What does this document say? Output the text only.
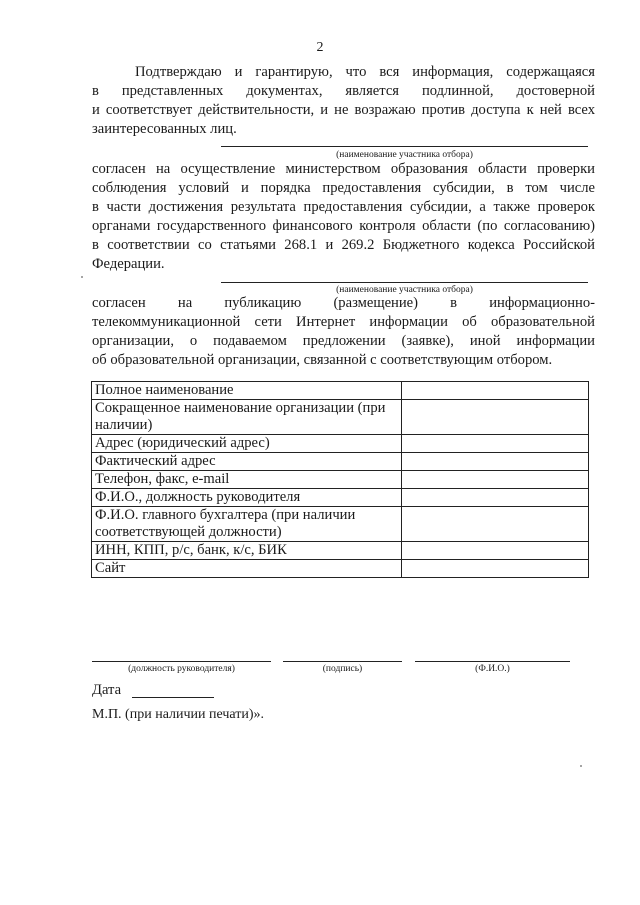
2

Подтверждаю и гарантирую, что вся информация, содержащаяся
в представленных документах, является подлинной, достоверной
и соответствует действительности, и не возражаю против доступа к ней всех
заинтересованных лиц.

(наименование участника отбора)

согласен на осуществление министерством образования области проверки
соблюдения условий и порядка предоставления субсидии, в том числе
в части достижения результата предоставления субсидии, а также проверок
органами государственного финансового контроля области (по согласованию)
в соответствии со статьями 268.1 и 269.2 Бюджетного кодекса Российской
Федерации.

(наименование участника отбора)

согласен на публикацию (размещение) в информационно-
телекоммуникационной сети Интернет информации об образовательной
организации, о подаваемом предложении (заявке), иной информации
об образовательной организации, связанной с соответствующим отбором.

Полное наименование	
Сокращенное наименование организации (при наличии)	
Адрес (юридический адрес)	
Фактический адрес	
Телефон, факс, e-mail	
Ф.И.О., должность руководителя	
Ф.И.О. главного бухгалтера (при наличии соответствующей должности)	
ИНН, КПП, р/с, банк, к/с, БИК	
Сайт	
(должность руководителя)	(подпись)	(Ф.И.О.)
Дата
М.П. (при наличии печати)».
